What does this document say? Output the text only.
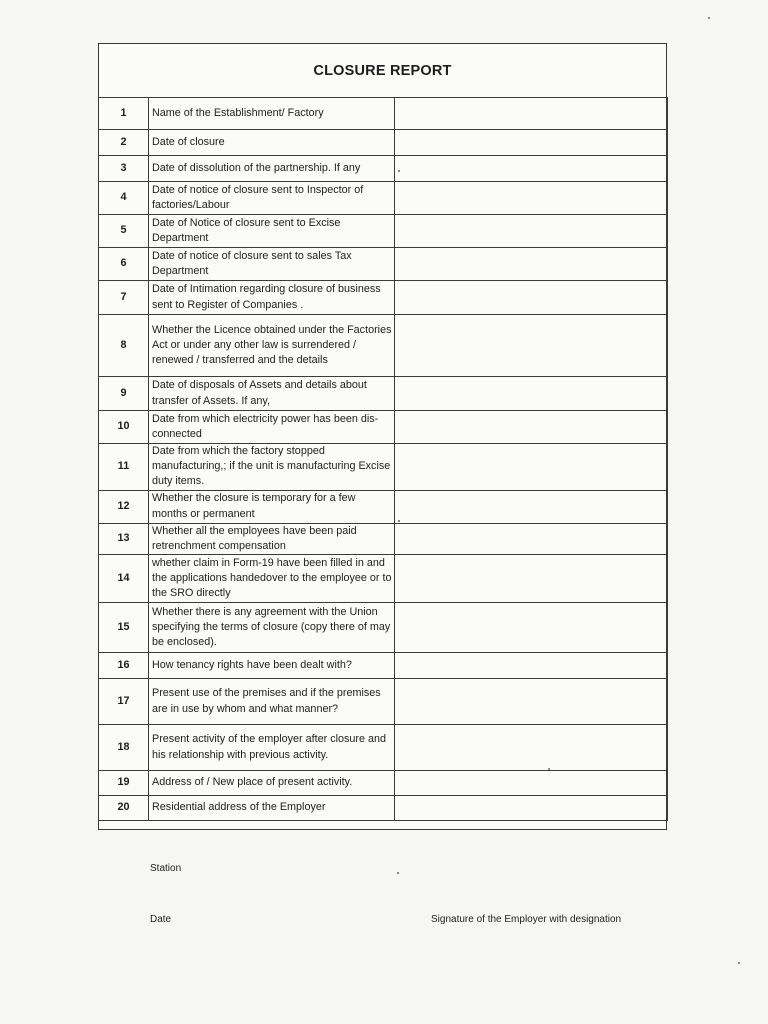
CLOSURE REPORT
1	Name of the Establishment/ Factory	
2	Date of closure	
3	Date of dissolution of the partnership. If any	
4	Date of notice of closure sent to Inspector of factories/Labour	
5	Date of Notice of closure sent to Excise Department	
6	Date of notice of closure sent to sales Tax Department	
7	Date of Intimation regarding closure of business sent to Register of Companies .	
8	Whether the Licence obtained under the Factories Act or under any other law is surrendered / renewed / transferred and the details	
9	Date of disposals of Assets and details about transfer of Assets. If any,	
10	Date from which electricity power has been dis-connected	
11	Date from which the factory stopped manufacturing,; if the unit is manufacturing Excise duty items.	
12	Whether the closure is temporary for a few months or permanent	
13	Whether all the employees have been paid retrenchment compensation	
14	whether claim in Form-19 have been filled in and the applications handedover to the employee or to the SRO directly	
15	Whether there is any agreement with the Union specifying the terms of closure (copy there of may be enclosed).	
16	How tenancy rights have been dealt with?	
17	Present use of the premises and if the premises are in use by whom and what manner?	
18	Present activity of the employer after closure and his relationship with previous activity.	
19	Address of / New place of present activity.	
20	Residential address of the Employer	
Station
Date	Signature of the Employer with designation
